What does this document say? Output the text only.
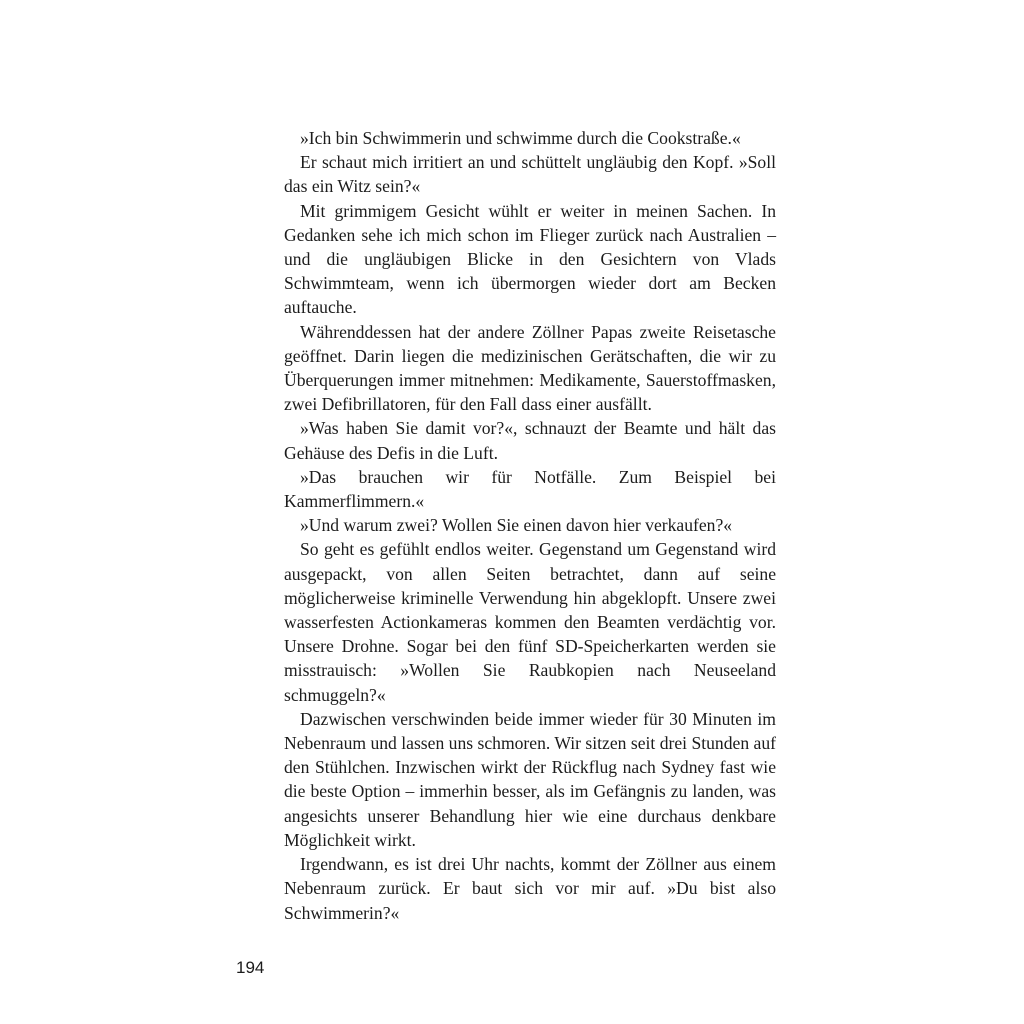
»Ich bin Schwimmerin und schwimme durch die Cookstraße.«

Er schaut mich irritiert an und schüttelt ungläubig den Kopf. »Soll das ein Witz sein?«

Mit grimmigem Gesicht wühlt er weiter in meinen Sachen. In Gedanken sehe ich mich schon im Flieger zurück nach Australien – und die ungläubigen Blicke in den Gesichtern von Vlads Schwimmteam, wenn ich übermorgen wieder dort am Becken auftauche.

Währenddessen hat der andere Zöllner Papas zweite Reisetasche geöffnet. Darin liegen die medizinischen Gerätschaften, die wir zu Überquerungen immer mitnehmen: Medikamente, Sauerstoffmasken, zwei Defibrillatoren, für den Fall dass einer ausfällt.

»Was haben Sie damit vor?«, schnauzt der Beamte und hält das Gehäuse des Defis in die Luft.

»Das brauchen wir für Notfälle. Zum Beispiel bei Kammerflimmern.«

»Und warum zwei? Wollen Sie einen davon hier verkaufen?«

So geht es gefühlt endlos weiter. Gegenstand um Gegenstand wird ausgepackt, von allen Seiten betrachtet, dann auf seine möglicherweise kriminelle Verwendung hin abgeklopft. Unsere zwei wasserfesten Actionkameras kommen den Beamten verdächtig vor. Unsere Drohne. Sogar bei den fünf SD-Speicherkarten werden sie misstrauisch: »Wollen Sie Raubkopien nach Neuseeland schmuggeln?«

Dazwischen verschwinden beide immer wieder für 30 Minuten im Nebenraum und lassen uns schmoren. Wir sitzen seit drei Stunden auf den Stühlchen. Inzwischen wirkt der Rückflug nach Sydney fast wie die beste Option – immerhin besser, als im Gefängnis zu landen, was angesichts unserer Behandlung hier wie eine durchaus denkbare Möglichkeit wirkt.

Irgendwann, es ist drei Uhr nachts, kommt der Zöllner aus einem Nebenraum zurück. Er baut sich vor mir auf. »Du bist also Schwimmerin?«

194
